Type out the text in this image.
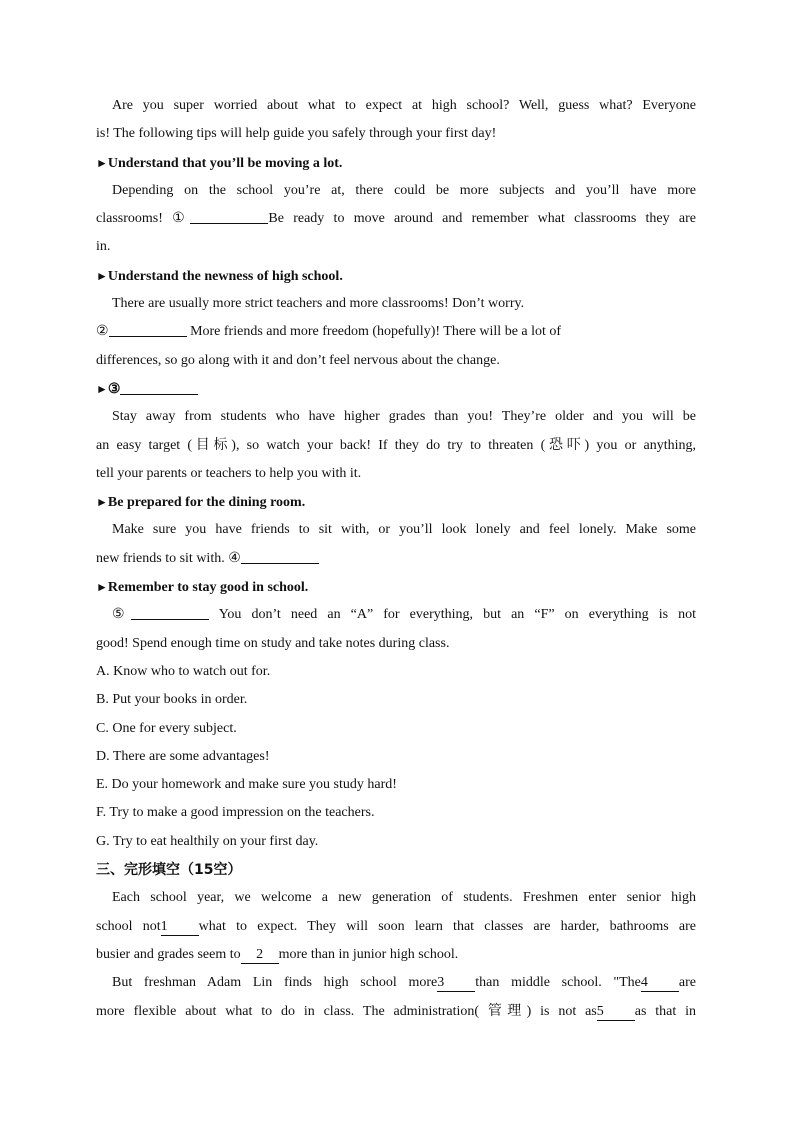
Are you super worried about what to expect at high school? Well, guess what? Everyone
is! The following tips will help guide you safely through your first day!
►Understand that you’ll be moving a lot.
Depending on the school you’re at, there could be more subjects and you’ll have more
classrooms! ①	Be ready to move around and remember what classrooms they are
in.
►Understand the newness of high school.
There are usually more strict teachers and more classrooms! Don’t worry.
②	More friends and more freedom (hopefully)! There will be a lot of
differences, so go along with it and don’t feel nervous about the change.
►③
Stay away from students who have higher grades than you! They’re older and you will be
an easy target (目标), so watch your back! If they do try to threaten (恐吓) you or anything,
tell your parents or teachers to help you with it.
►Be prepared for the dining room.
Make sure you have friends to sit with, or you’ll look lonely and feel lonely. Make some
new friends to sit with. ④
►Remember to stay good in school.
⑤	You don’t need an “A” for everything, but an “F” on everything is not
good! Spend enough time on study and take notes during class.
A. Know who to watch out for.
B. Put your books in order.
C. One for every subject.
D. There are some advantages!
E. Do your homework and make sure you study hard!
F. Try to make a good impression on the teachers.
G. Try to eat healthily on your first day.
三、完形填空（15空）
Each school year, we welcome a new generation of students. Freshmen enter senior high
school not1 what to expect. They will soon learn that classes are harder, bathrooms are
busier and grades seem to 2 more than in junior high school.
But freshman Adam Lin finds high school more3 than middle school. "The4 are
more flexible about what to do in class. The administration( 管理) is not as5 as that in
